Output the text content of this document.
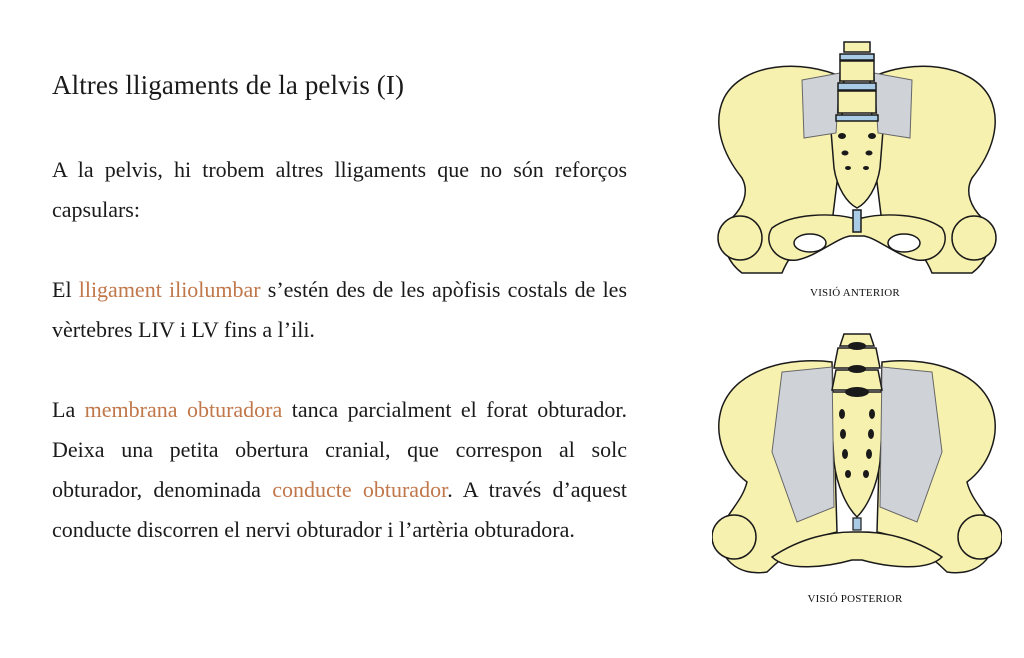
Altres lligaments de la pelvis (I)

A la pelvis, hi trobem altres lligaments que no són reforços capsulars:

El lligament iliolumbar s’estén des de les apòfisis costals de les vèrtebres LIV i LV fins a l’ili.

La membrana obturadora tanca parcialment el forat obturador. Deixa una petita obertura cranial, que correspon al solc obturador, denominada conducte obturador. A través d’aquest conducte discorren el nervi obturador i l’artèria obturadora.

VISIÓ ANTERIOR
VISIÓ POSTERIOR
